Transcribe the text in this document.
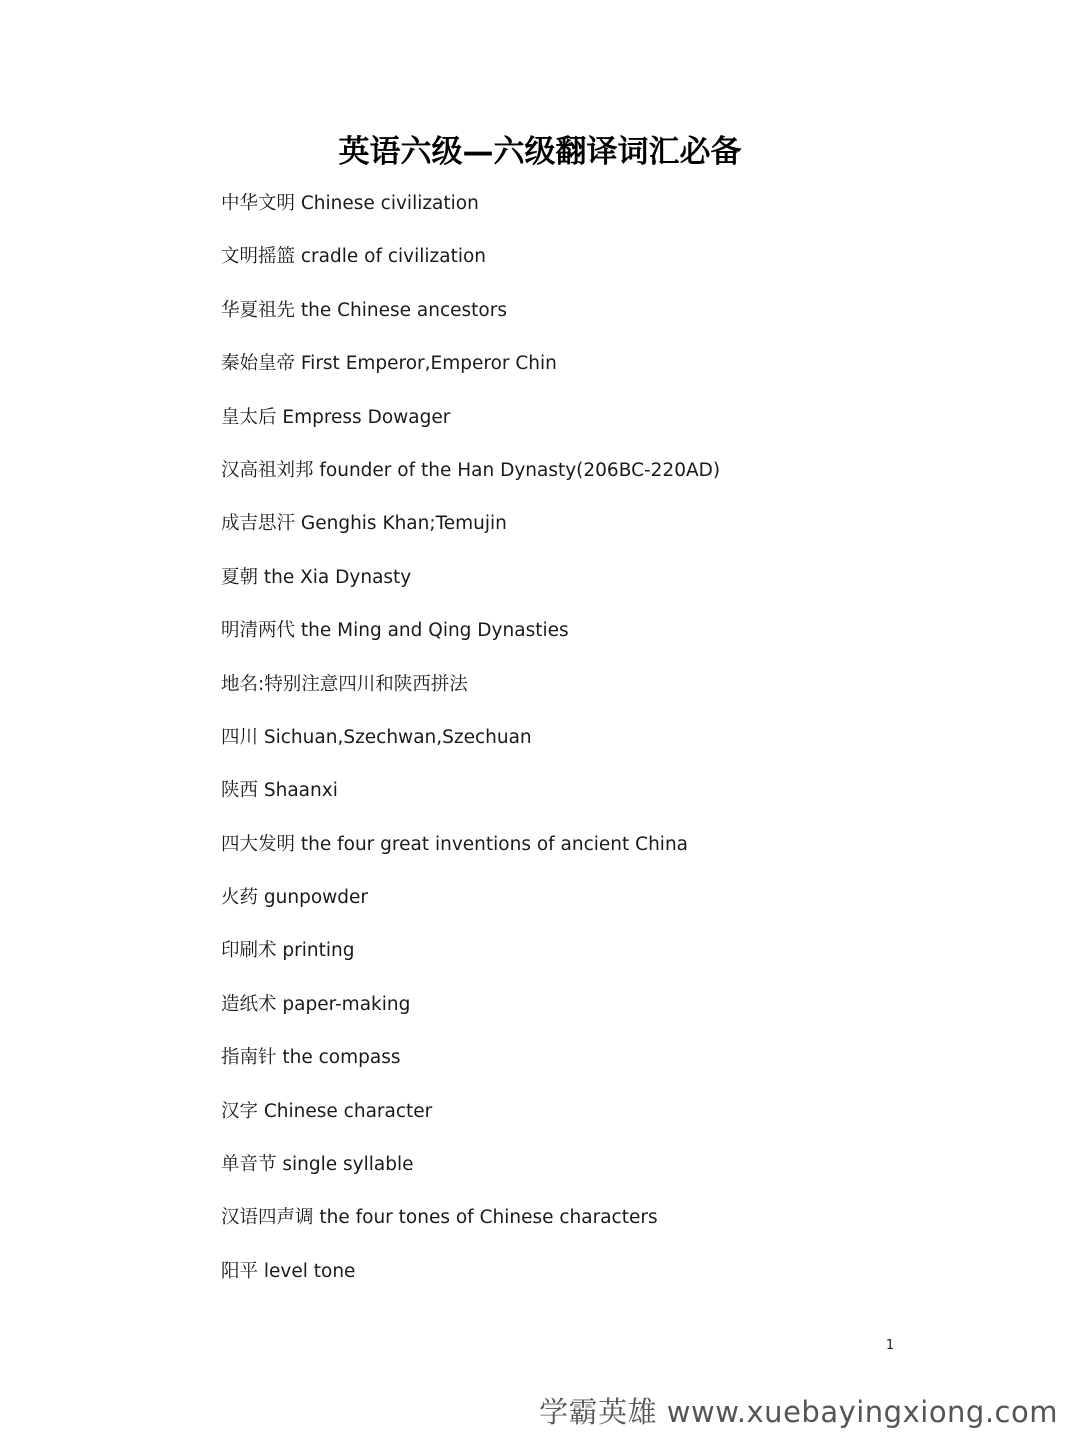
英语六级—六级翻译词汇必备
中华文明 Chinese civilization
文明摇篮 cradle of civilization
华夏祖先 the Chinese ancestors
秦始皇帝 First Emperor,Emperor Chin
皇太后 Empress Dowager
汉高祖刘邦 founder of the Han Dynasty(206BC-220AD)
成吉思汗 Genghis Khan;Temujin
夏朝 the Xia Dynasty
明清两代 the Ming and Qing Dynasties
地名:特别注意四川和陕西拼法
四川 Sichuan,Szechwan,Szechuan
陕西 Shaanxi
四大发明 the four great inventions of ancient China
火药 gunpowder
印刷术 printing
造纸术 paper-making
指南针 the compass
汉字 Chinese character
单音节 single syllable
汉语四声调 the four tones of Chinese characters
阳平 level tone
1
学霸英雄 www.xuebayingxiong.com
